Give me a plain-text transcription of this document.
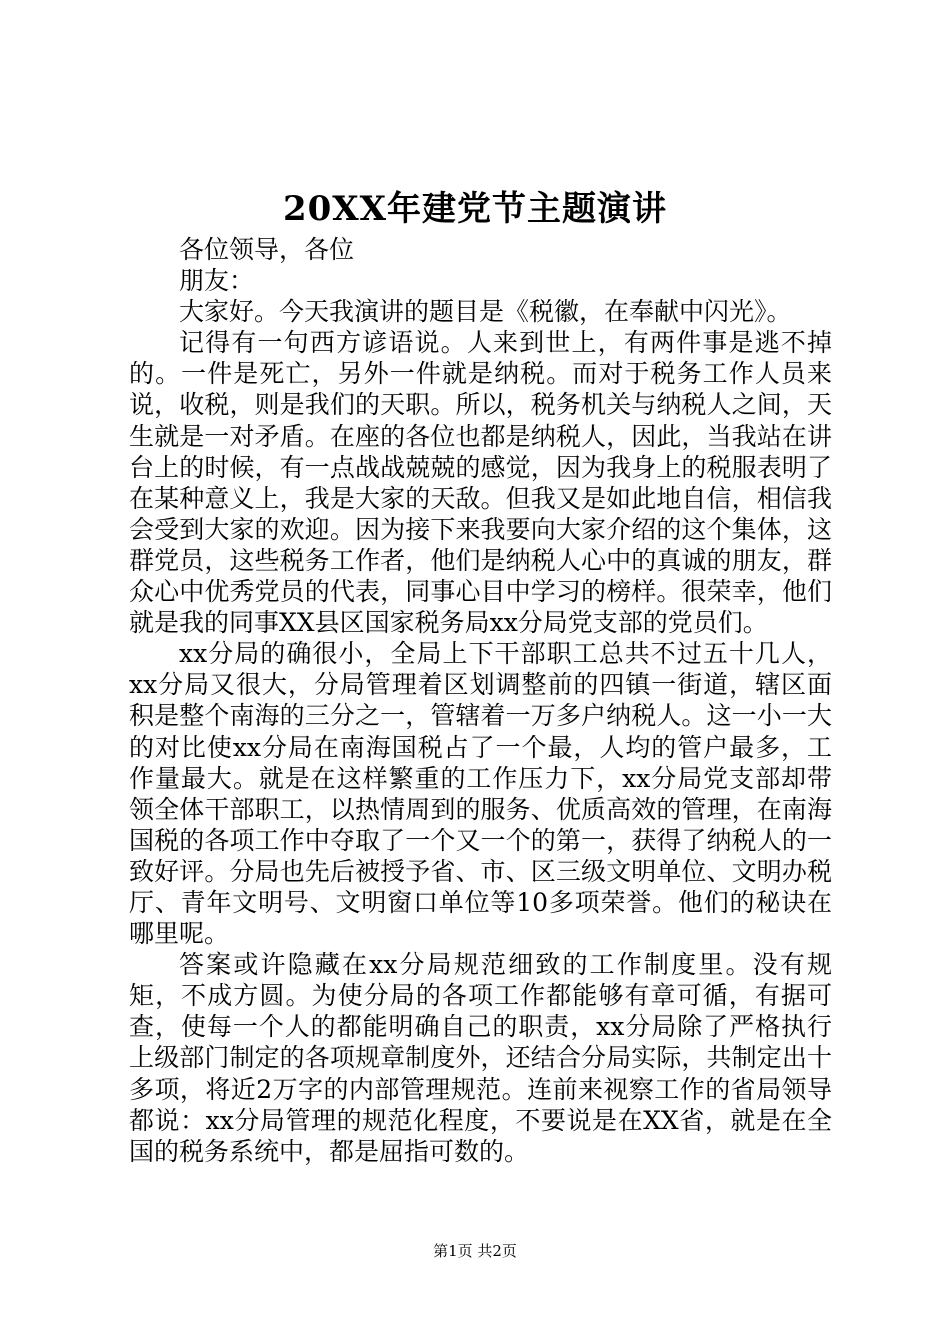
20XX年建党节主题演讲

各位领导，各位

朋友：

大家好。今天我演讲的题目是《税徽，在奉献中闪光》。

记得有一句西方谚语说。人来到世上，有两件事是逃不掉的。一件是死亡，另外一件就是纳税。而对于税务工作人员来说，收税，则是我们的天职。所以，税务机关与纳税人之间，天生就是一对矛盾。在座的各位也都是纳税人，因此，当我站在讲台上的时候，有一点战战兢兢的感觉，因为我身上的税服表明了在某种意义上，我是大家的天敌。但我又是如此地自信，相信我会受到大家的欢迎。因为接下来我要向大家介绍的这个集体，这群党员，这些税务工作者，他们是纳税人心中的真诚的朋友，群众心中优秀党员的代表，同事心目中学习的榜样。很荣幸，他们就是我的同事XX县区国家税务局xx分局党支部的党员们。

xx分局的确很小，全局上下干部职工总共不过五十几人，xx分局又很大，分局管理着区划调整前的四镇一街道，辖区面积是整个南海的三分之一，管辖着一万多户纳税人。这一小一大的对比使xx分局在南海国税占了一个最，人均的管户最多，工作量最大。就是在这样繁重的工作压力下，xx分局党支部却带领全体干部职工，以热情周到的服务、优质高效的管理，在南海国税的各项工作中夺取了一个又一个的第一，获得了纳税人的一致好评。分局也先后被授予省、市、区三级文明单位、文明办税厅、青年文明号、文明窗口单位等10多项荣誉。他们的秘诀在哪里呢。

答案或许隐藏在xx分局规范细致的工作制度里。没有规矩，不成方圆。为使分局的各项工作都能够有章可循，有据可查，使每一个人的都能明确自己的职责，xx分局除了严格执行上级部门制定的各项规章制度外，还结合分局实际，共制定出十多项，将近2万字的内部管理规范。连前来视察工作的省局领导都说：xx分局管理的规范化程度，不要说是在XX省，就是在全国的税务系统中，都是屈指可数的。

第1页 共2页
